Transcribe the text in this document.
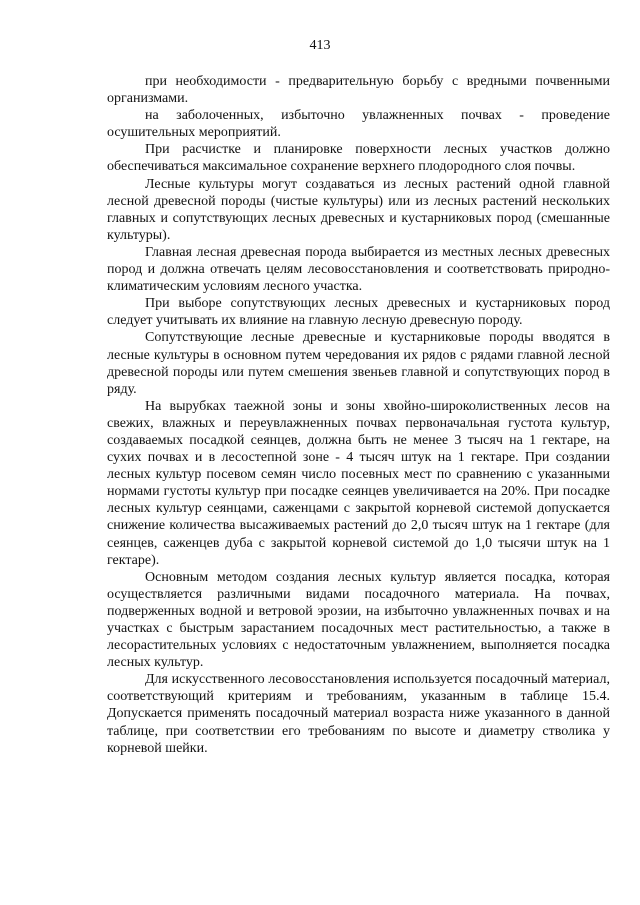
413

при необходимости - предварительную борьбу с вредными почвенными организмами.

на заболоченных, избыточно увлажненных почвах - проведение осушительных мероприятий.

При расчистке и планировке поверхности лесных участков должно обеспечиваться максимальное сохранение верхнего плодородного слоя почвы.

Лесные культуры могут создаваться из лесных растений одной главной лесной древесной породы (чистые культуры) или из лесных растений нескольких главных и сопутствующих лесных древесных и кустарниковых пород (смешанные культуры).

Главная лесная древесная порода выбирается из местных лесных древесных пород и должна отвечать целям лесовосстановления и соответствовать природно-климатическим условиям лесного участка.

При выборе сопутствующих лесных древесных и кустарниковых пород следует учитывать их влияние на главную лесную древесную породу.

Сопутствующие лесные древесные и кустарниковые породы вводятся в лесные культуры в основном путем чередования их рядов с рядами главной лесной древесной породы или путем смешения звеньев главной и сопутствующих пород в ряду.

На вырубках таежной зоны и зоны хвойно-широколиственных лесов на свежих, влажных и переувлажненных почвах первоначальная густота культур, создаваемых посадкой сеянцев, должна быть не менее 3 тысяч на 1 гектаре, на сухих почвах и в лесостепной зоне - 4 тысяч штук на 1 гектаре. При создании лесных культур посевом семян число посевных мест по сравнению с указанными нормами густоты культур при посадке сеянцев увеличивается на 20%. При посадке лесных культур сеянцами, саженцами с закрытой корневой системой допускается снижение количества высаживаемых растений до 2,0 тысяч штук на 1 гектаре (для сеянцев, саженцев дуба с закрытой корневой системой до 1,0 тысячи штук на 1 гектаре).

Основным методом создания лесных культур является посадка, которая осуществляется различными видами посадочного материала. На почвах, подверженных водной и ветровой эрозии, на избыточно увлажненных почвах и на участках с быстрым зарастанием посадочных мест растительностью, а также в лесорастительных условиях с недостаточным увлажнением, выполняется посадка лесных культур.

Для искусственного лесовосстановления используется посадочный материал, соответствующий критериям и требованиям, указанным в таблице 15.4. Допускается применять посадочный материал возраста ниже указанного в данной таблице, при соответствии его требованиям по высоте и диаметру стволика у корневой шейки.
